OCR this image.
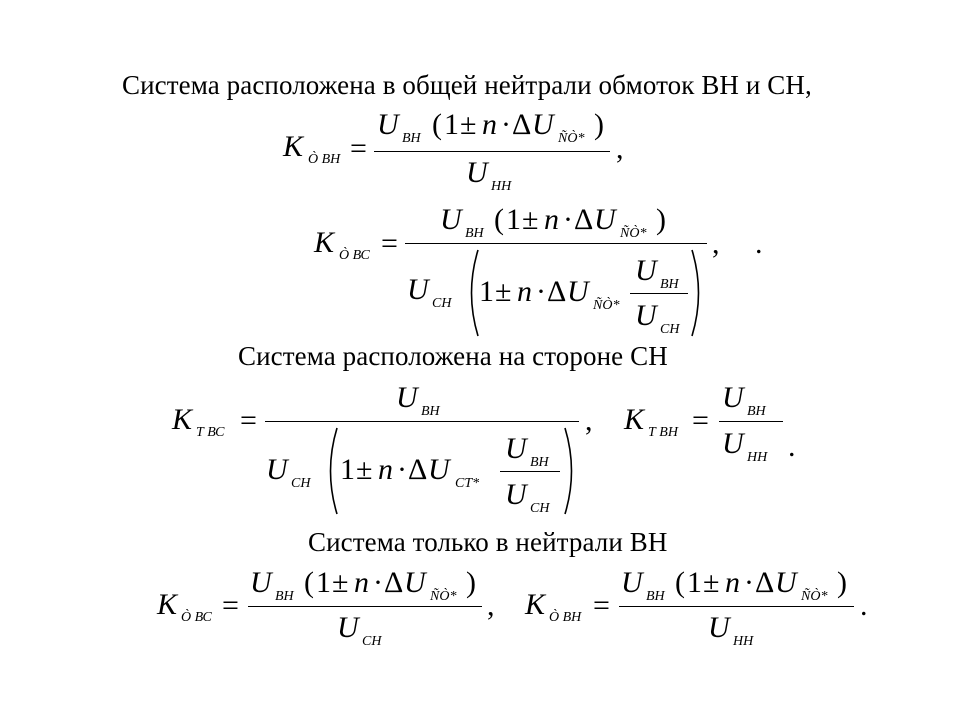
Система расположена в общей нейтрали обмоток ВН и СН,
Система расположена на стороне СН
Система только в нейтрали ВН
K Ò ВН =
U ВН ( 1 ± n · Δ U ÑÒ* )
,
U НН
K Ò ВС =
U ВН ( 1 ± n · Δ U ÑÒ* )
, .
U СН 1 ± n · Δ U ÑÒ*
U ВН
U СН
K Т ВС =
U ВН	,
U СН 1 ± n · Δ U СТ*
U ВН
U СН
K Т ВН =
U ВН
U НН .
K Ò ВС =
U ВН ( 1 ± n · Δ U ÑÒ* )
,
U СН
K Ò ВН =
U ВН ( 1 ± n · Δ U ÑÒ* )
.
U НН
